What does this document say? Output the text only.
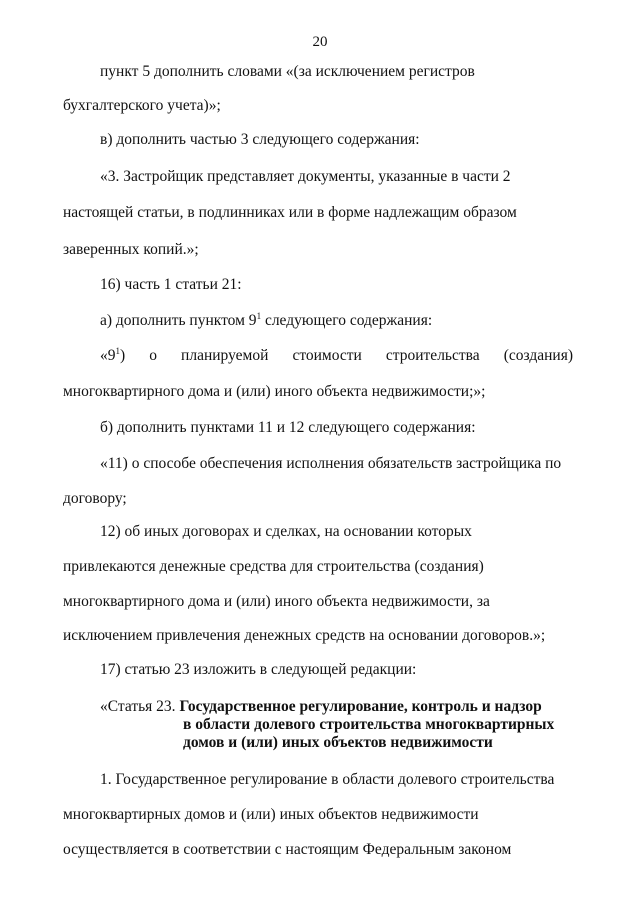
20
пункт 5 дополнить словами «(за исключением регистров
бухгалтерского учета)»;
в) дополнить частью 3 следующего содержания:
«3. Застройщик представляет документы, указанные в части 2
настоящей статьи, в подлинниках или в форме надлежащим образом
заверенных копий.»;
16) часть 1 статьи 21:
а) дополнить пунктом $9^1$ следующего содержания:
«$9^1$ ) о планируемой стоимости строительства (создания)
многоквартирного дома и (или) иного объекта недвижимости;»;
б) дополнить пунктами 11 и 12 следующего содержания:
«11) о способе обеспечения исполнения обязательств застройщика по
договору;
12) об иных договорах и сделках, на основании которых
привлекаются денежные средства для строительства (создания)
многоквартирного дома и (или) иного объекта недвижимости, за
исключением привлечения денежных средств на основании договоров.»;
17) статью 23 изложить в следующей редакции:
«Статья 23. Государственное регулирование, контроль и надзор
в области долевого строительства многоквартирных
домов и (или) иных объектов недвижимости
1. Государственное регулирование в области долевого строительства
многоквартирных домов и (или) иных объектов недвижимости
осуществляется в соответствии с настоящим Федеральным законом
